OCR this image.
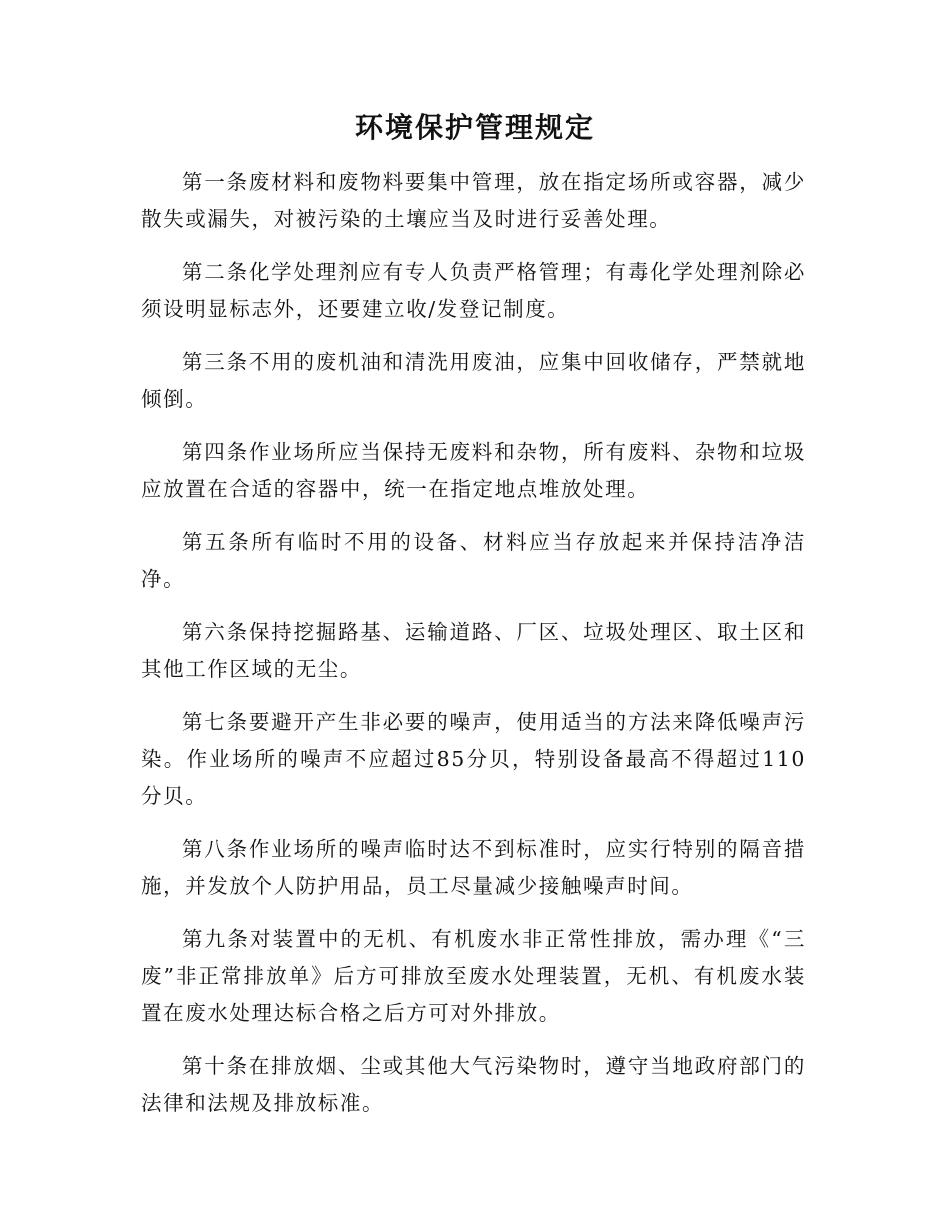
环境保护管理规定

第一条废材料和废物料要集中管理，放在指定场所或容器，减少散失或漏失，对被污染的土壤应当及时进行妥善处理。

第二条化学处理剂应有专人负责严格管理；有毒化学处理剂除必须设明显标志外，还要建立收/发登记制度。

第三条不用的废机油和清洗用废油，应集中回收储存，严禁就地倾倒。

第四条作业场所应当保持无废料和杂物，所有废料、杂物和垃圾应放置在合适的容器中，统一在指定地点堆放处理。

第五条所有临时不用的设备、材料应当存放起来并保持洁净洁净。

第六条保持挖掘路基、运输道路、厂区、垃圾处理区、取土区和其他工作区域的无尘。

第七条要避开产生非必要的噪声，使用适当的方法来降低噪声污染。作业场所的噪声不应超过85分贝，特别设备最高不得超过110分贝。

第八条作业场所的噪声临时达不到标准时，应实行特别的隔音措施，并发放个人防护用品，员工尽量减少接触噪声时间。

第九条对装置中的无机、有机废水非正常性排放，需办理《“三废”非正常排放单》后方可排放至废水处理装置，无机、有机废水装置在废水处理达标合格之后方可对外排放。

第十条在排放烟、尘或其他大气污染物时，遵守当地政府部门的法律和法规及排放标准。
